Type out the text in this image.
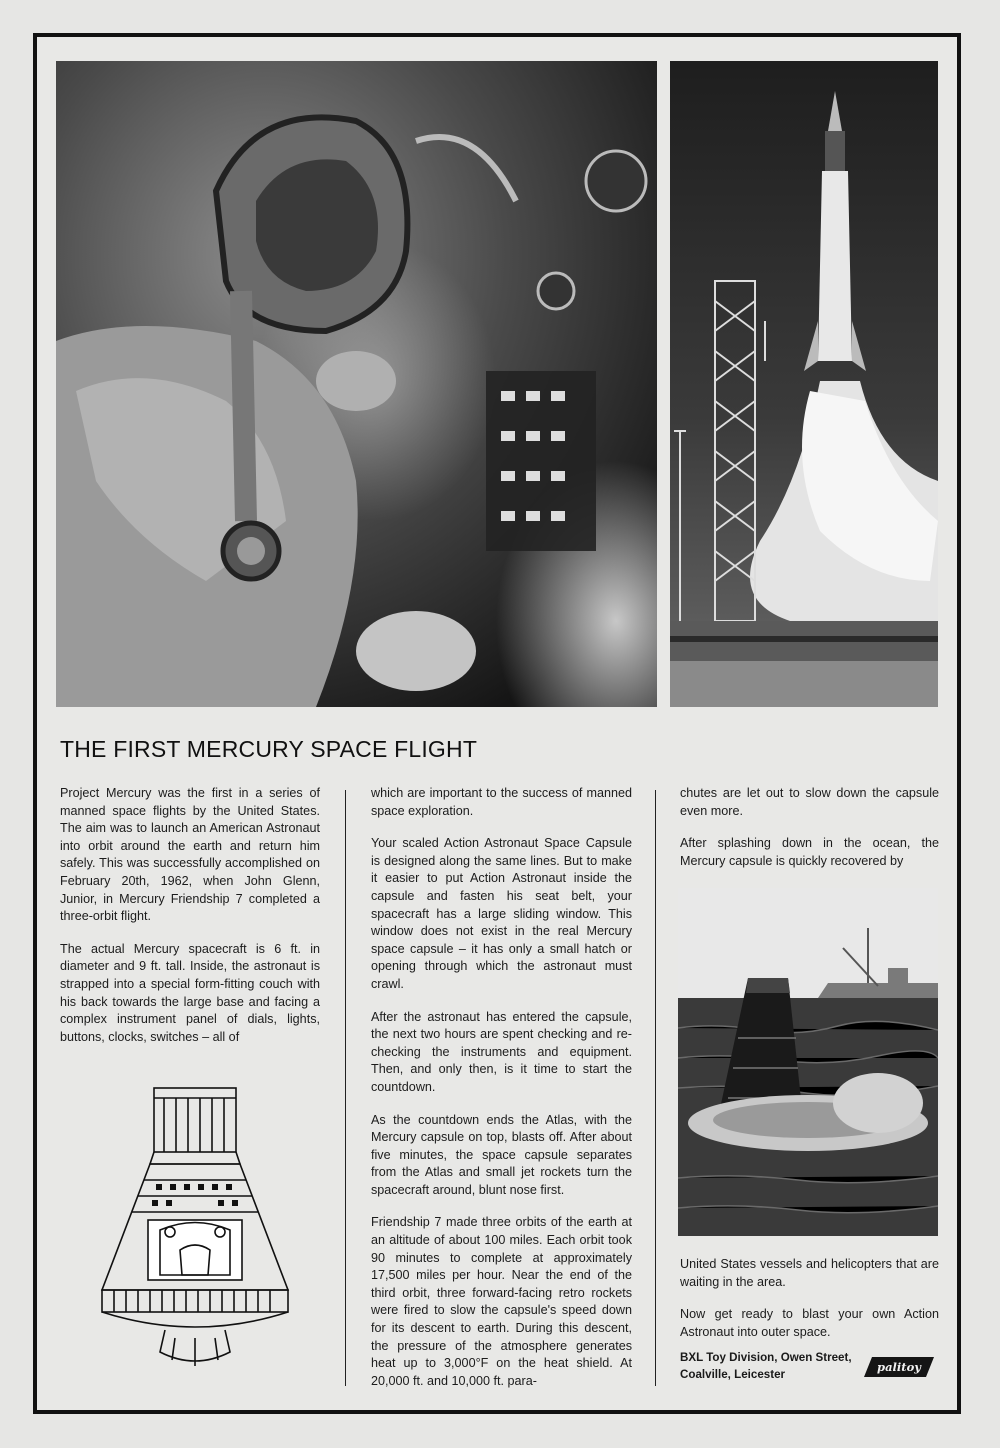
THE FIRST MERCURY SPACE FLIGHT

Project Mercury was the first in a series of manned space flights by the United States. The aim was to launch an American Astronaut into orbit around the earth and return him safely. This was successfully accomplished on February 20th, 1962, when John Glenn, Junior, in Mercury Friendship 7 completed a three-orbit flight.

The actual Mercury spacecraft is 6 ft. in diameter and 9 ft. tall. Inside, the astronaut is strapped into a special form-fitting couch with his back towards the large base and facing a complex instrument panel of dials, lights, buttons, clocks, switches – all of

which are important to the success of manned space exploration.

Your scaled Action Astronaut Space Capsule is designed along the same lines. But to make it easier to put Action Astronaut inside the capsule and fasten his seat belt, your spacecraft has a large sliding window. This window does not exist in the real Mercury space capsule – it has only a small hatch or opening through which the astronaut must crawl.

After the astronaut has entered the capsule, the next two hours are spent checking and re-checking the instruments and equipment. Then, and only then, is it time to start the countdown.

As the countdown ends the Atlas, with the Mercury capsule on top, blasts off. After about five minutes, the space capsule separates from the Atlas and small jet rockets turn the spacecraft around, blunt nose first.

Friendship 7 made three orbits of the earth at an altitude of about 100 miles. Each orbit took 90 minutes to complete at approximately 17,500 miles per hour. Near the end of the third orbit, three forward-facing retro rockets were fired to slow the capsule's speed down for its descent to earth. During this descent, the pressure of the atmosphere generates heat up to 3,000°F on the heat shield. At 20,000 ft. and 10,000 ft. para-

chutes are let out to slow down the capsule even more.

After splashing down in the ocean, the Mercury capsule is quickly recovered by

United States vessels and helicopters that are waiting in the area.

Now get ready to blast your own Action Astronaut into outer space.

BXL Toy Division, Owen Street,
Coalville, Leicester
palitoy
